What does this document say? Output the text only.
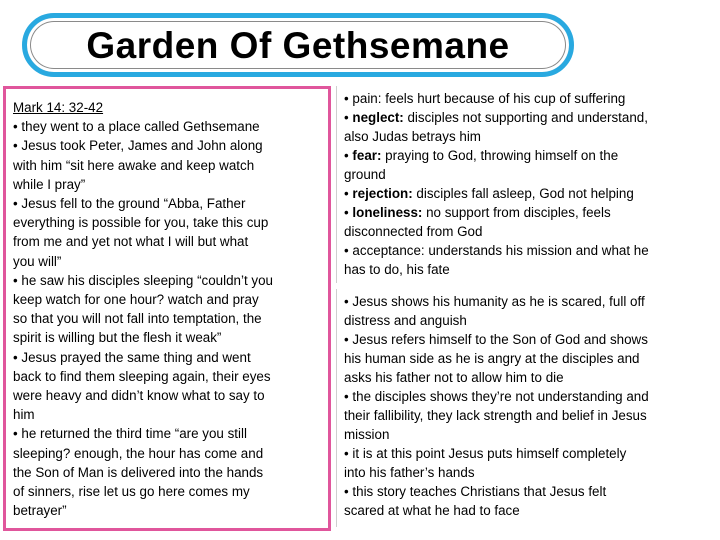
Garden Of Gethsemane
Mark 14: 32-42
• they went to a place called Gethsemane
• Jesus took Peter, James and John along
with him “sit here awake and keep watch
while I pray”
• Jesus fell to the ground “Abba, Father
everything is possible for you, take this cup
from me and yet not what I will but what
you will”
• he saw his disciples sleeping “couldn’t you
keep watch for one hour? watch and pray
so that you will not fall into temptation, the
spirit is willing but the flesh it weak”
• Jesus prayed the same thing and went
back to find them sleeping again, their eyes
were heavy and didn’t know what to say to
him
• he returned the third time “are you still
sleeping? enough, the hour has come and
the Son of Man is delivered into the hands
of sinners, rise let us go here comes my
betrayer”
• pain: feels hurt because of his cup of suffering
• neglect: disciples not supporting and understand,
also Judas betrays him
• fear: praying to God, throwing himself on the
ground
• rejection: disciples fall asleep, God not helping
• loneliness: no support from disciples, feels
disconnected from God
• acceptance: understands his mission and what he
has to do, his fate
• Jesus shows his humanity as he is scared, full off
distress and anguish
• Jesus refers himself to the Son of God and shows
his human side as he is angry at the disciples and
asks his father not to allow him to die
• the disciples shows they’re not understanding and
their fallibility, they lack strength and belief in Jesus
mission
• it is at this point Jesus puts himself completely
into his father’s hands
• this story teaches Christians that Jesus felt
scared at what he had to face
